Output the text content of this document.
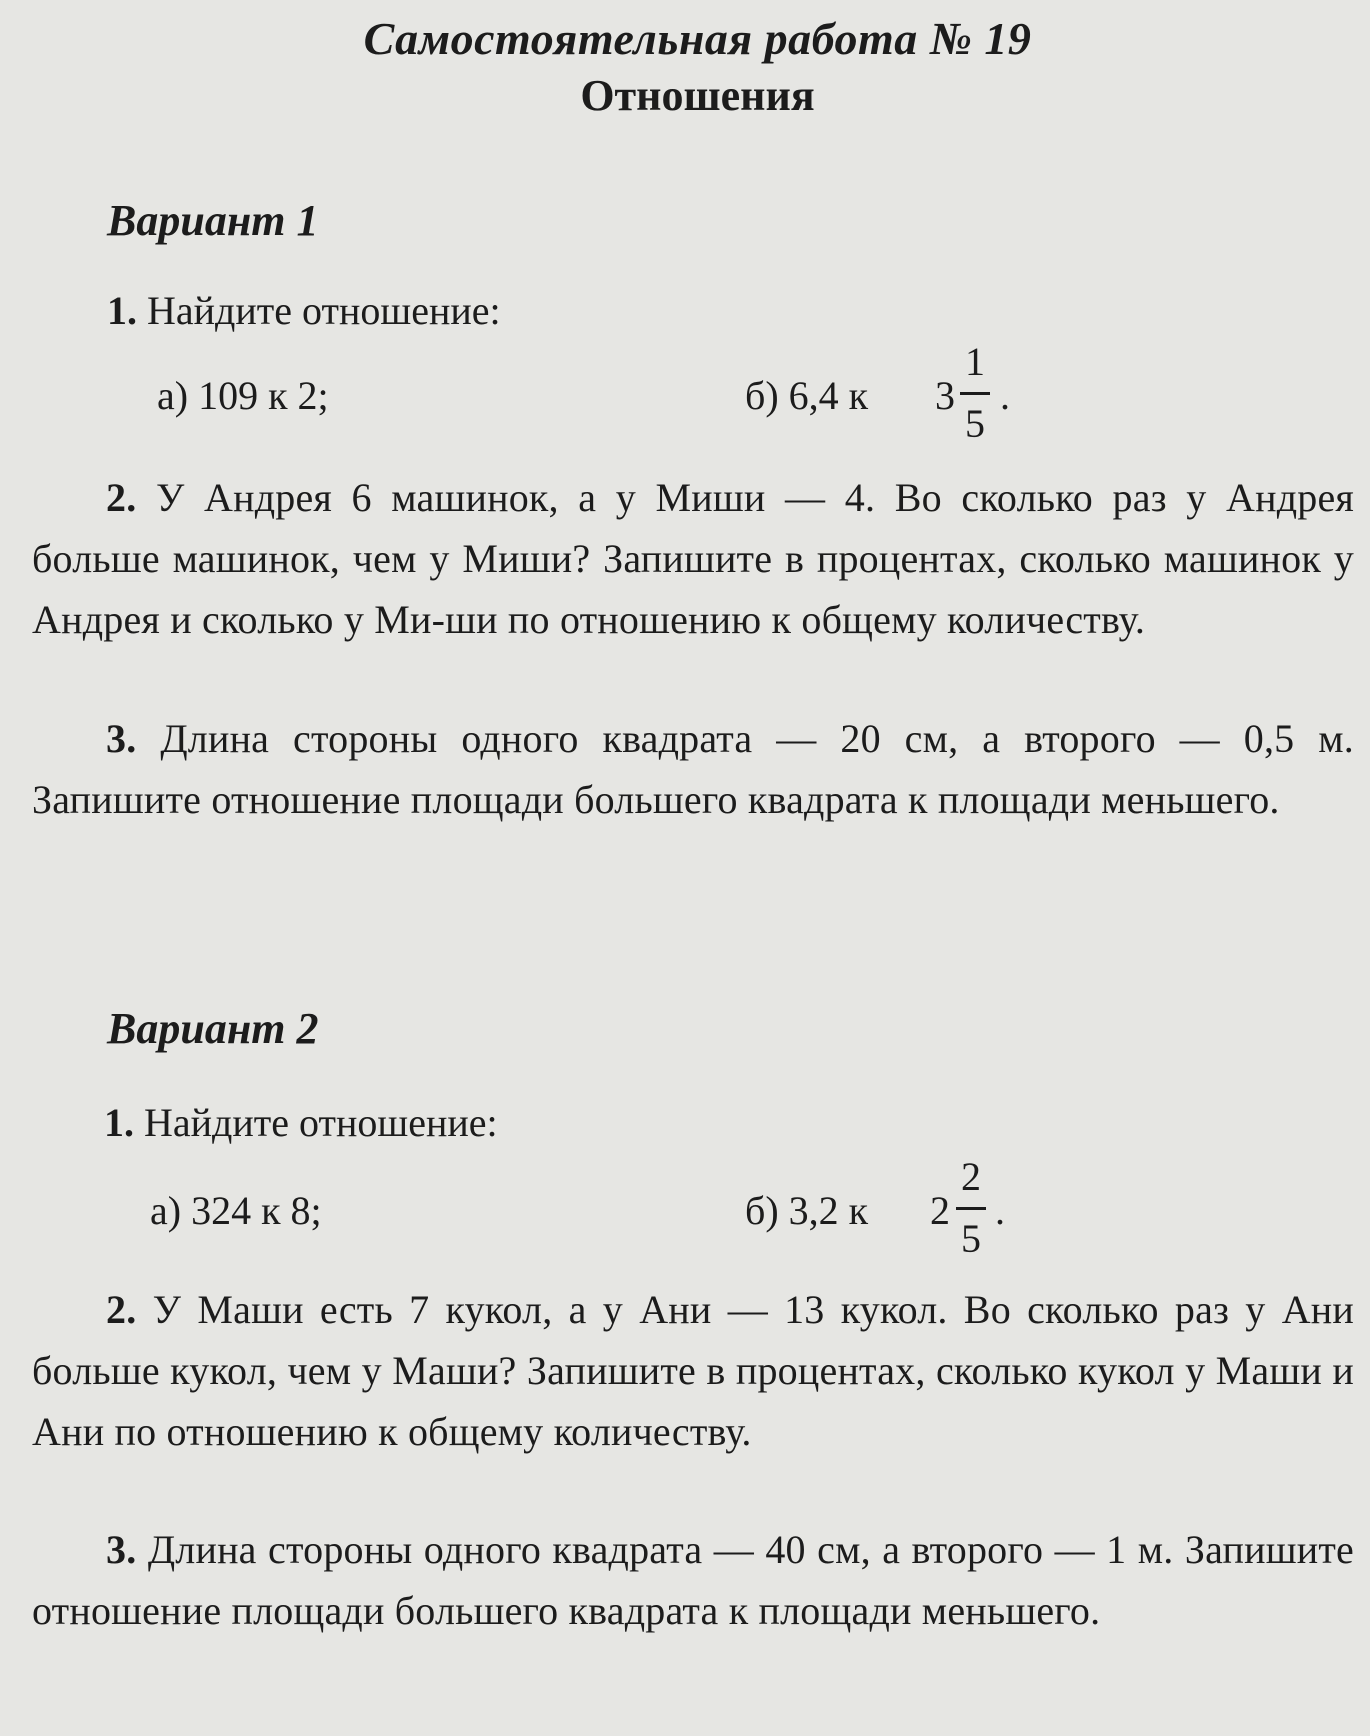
Самостоятельная работа № 19
Отношения
Вариант 1
1. Найдите отношение:
а) 109 к 2;	б) 6,4 к 3
1
5
.
2. У Андрея 6 машинок, а у Миши — 4. Во сколько раз у Андрея больше машинок, чем у Миши? Запишите в процентах, сколько машинок у Андрея и сколько у Ми-ши по отношению к общему количеству.
3. Длина стороны одного квадрата — 20 см, а второго — 0,5 м. Запишите отношение площади большего квадрата к площади меньшего.
Вариант 2
1. Найдите отношение:
а) 324 к 8;	б) 3,2 к 2
2
5
.
2. У Маши есть 7 кукол, а у Ани — 13 кукол. Во сколько раз у Ани больше кукол, чем у Маши? Запишите в процентах, сколько кукол у Маши и Ани по отношению к общему количеству.
3. Длина стороны одного квадрата — 40 см, а второго — 1 м. Запишите отношение площади большего квадрата к площади меньшего.
